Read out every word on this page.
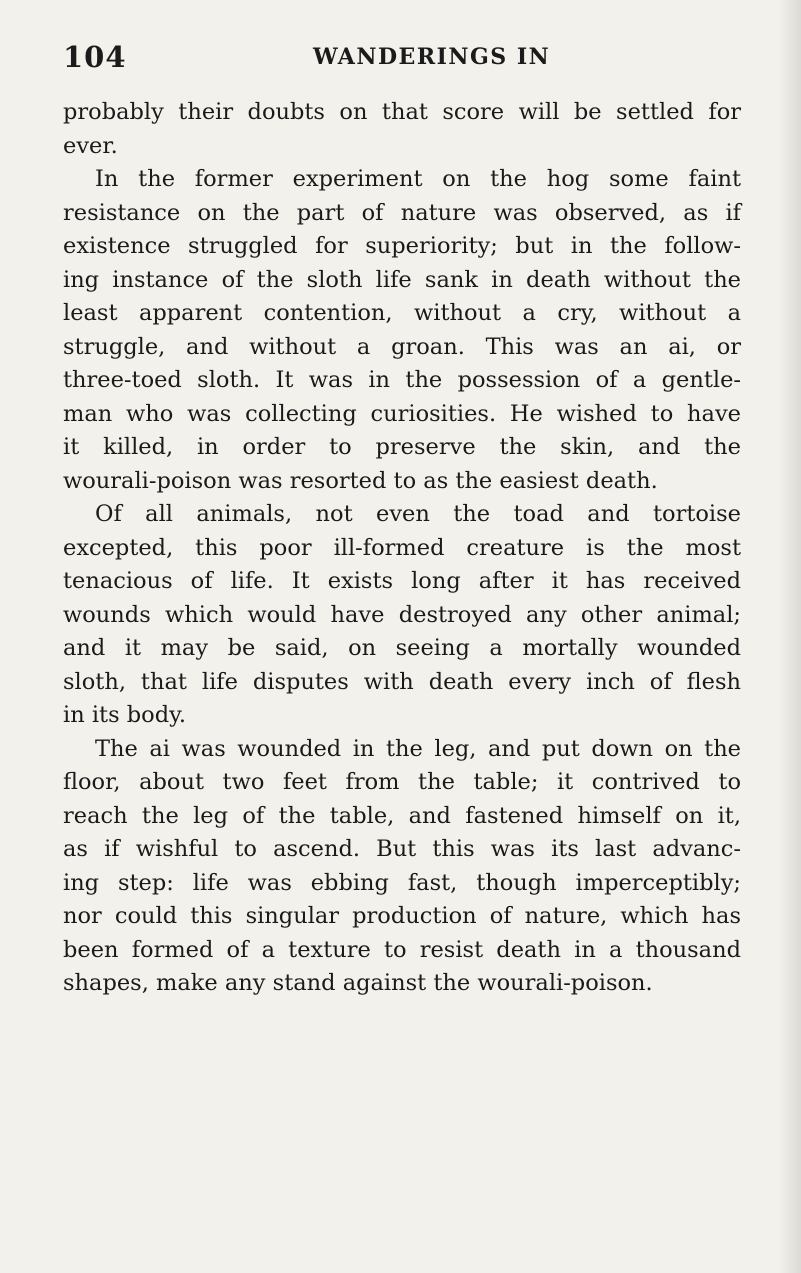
104	WANDERINGS IN
probably their doubts on that score will be settled for
ever.
In the former experiment on the hog some faint
resistance on the part of nature was observed, as if
existence struggled for superiority; but in the follow-
ing instance of the sloth life sank in death without the
least apparent contention, without a cry, without a
struggle, and without a groan. This was an ai, or
three-toed sloth. It was in the possession of a gentle-
man who was collecting curiosities. He wished to have
it killed, in order to preserve the skin, and the
wourali-poison was resorted to as the easiest death.
Of all animals, not even the toad and tortoise
excepted, this poor ill-formed creature is the most
tenacious of life. It exists long after it has received
wounds which would have destroyed any other animal;
and it may be said, on seeing a mortally wounded
sloth, that life disputes with death every inch of flesh
in its body.
The ai was wounded in the leg, and put down on the
floor, about two feet from the table; it contrived to
reach the leg of the table, and fastened himself on it,
as if wishful to ascend. But this was its last advanc-
ing step: life was ebbing fast, though imperceptibly;
nor could this singular production of nature, which has
been formed of a texture to resist death in a thousand
shapes, make any stand against the wourali-poison.
